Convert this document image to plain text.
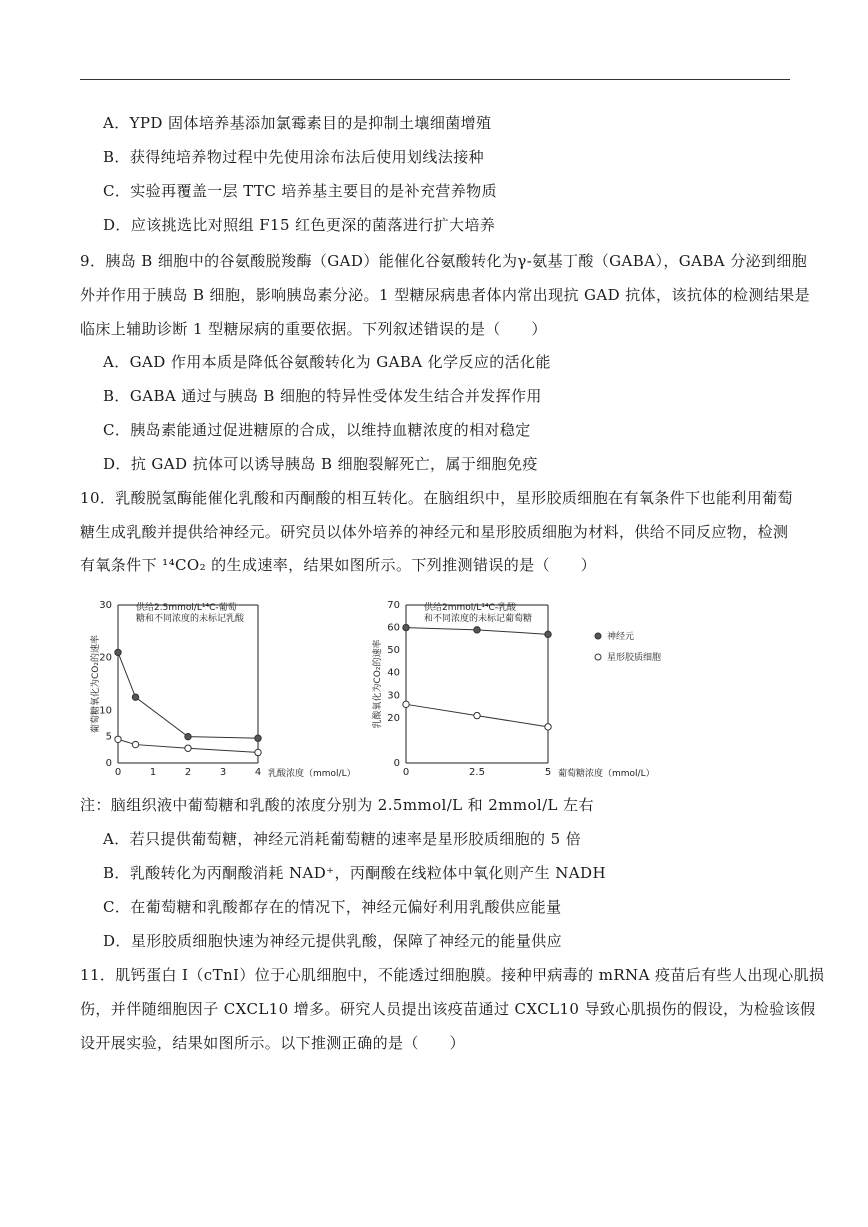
A．YPD 固体培养基添加氯霉素目的是抑制土壤细菌增殖
B．获得纯培养物过程中先使用涂布法后使用划线法接种
C．实验再覆盖一层 TTC 培养基主要目的是补充营养物质
D．应该挑选比对照组 F15 红色更深的菌落进行扩大培养
9．胰岛 B 细胞中的谷氨酸脱羧酶（GAD）能催化谷氨酸转化为γ-氨基丁酸（GABA），GABA 分泌到细胞
外并作用于胰岛 B 细胞，影响胰岛素分泌。1 型糖尿病患者体内常出现抗 GAD 抗体，该抗体的检测结果是
临床上辅助诊断 1 型糖尿病的重要依据。下列叙述错误的是（　　）
A．GAD 作用本质是降低谷氨酸转化为 GABA 化学反应的活化能
B．GABA 通过与胰岛 B 细胞的特异性受体发生结合并发挥作用
C．胰岛素能通过促进糖原的合成，以维持血糖浓度的相对稳定
D．抗 GAD 抗体可以诱导胰岛 B 细胞裂解死亡，属于细胞免疫
10．乳酸脱氢酶能催化乳酸和丙酮酸的相互转化。在脑组织中，星形胶质细胞在有氧条件下也能利用葡萄
糖生成乳酸并提供给神经元。研究员以体外培养的神经元和星形胶质细胞为材料，供给不同反应物，检测
有氧条件下 ¹⁴CO₂ 的生成速率，结果如图所示。下列推测错误的是（　　）
0
5
10
20
30
0	1	2	3	4 乳酸浓度（mmol/L）
葡萄糖氧化为CO₂的速率
供给2.5mmol/L¹⁴C-葡萄
糖和不同浓度的未标记乳酸
0
20
30
40
50
60
70
0	2.5	5 葡萄糖浓度（mmol/L）
乳酸氧化为CO₂的速率
供给2mmol/L¹⁴C-乳酸
和不同浓度的未标记葡萄糖
神经元
星形胶质细胞
注：脑组织液中葡萄糖和乳酸的浓度分别为 2.5mmol/L 和 2mmol/L 左右
A．若只提供葡萄糖，神经元消耗葡萄糖的速率是星形胶质细胞的 5 倍
B．乳酸转化为丙酮酸消耗 NAD⁺，丙酮酸在线粒体中氧化则产生 NADH
C．在葡萄糖和乳酸都存在的情况下，神经元偏好利用乳酸供应能量
D．星形胶质细胞快速为神经元提供乳酸，保障了神经元的能量供应
11．肌钙蛋白 I（cTnI）位于心肌细胞中，不能透过细胞膜。接种甲病毒的 mRNA 疫苗后有些人出现心肌损
伤，并伴随细胞因子 CXCL10 增多。研究人员提出该疫苗通过 CXCL10 导致心肌损伤的假设，为检验该假
设开展实验，结果如图所示。以下推测正确的是（　　）
